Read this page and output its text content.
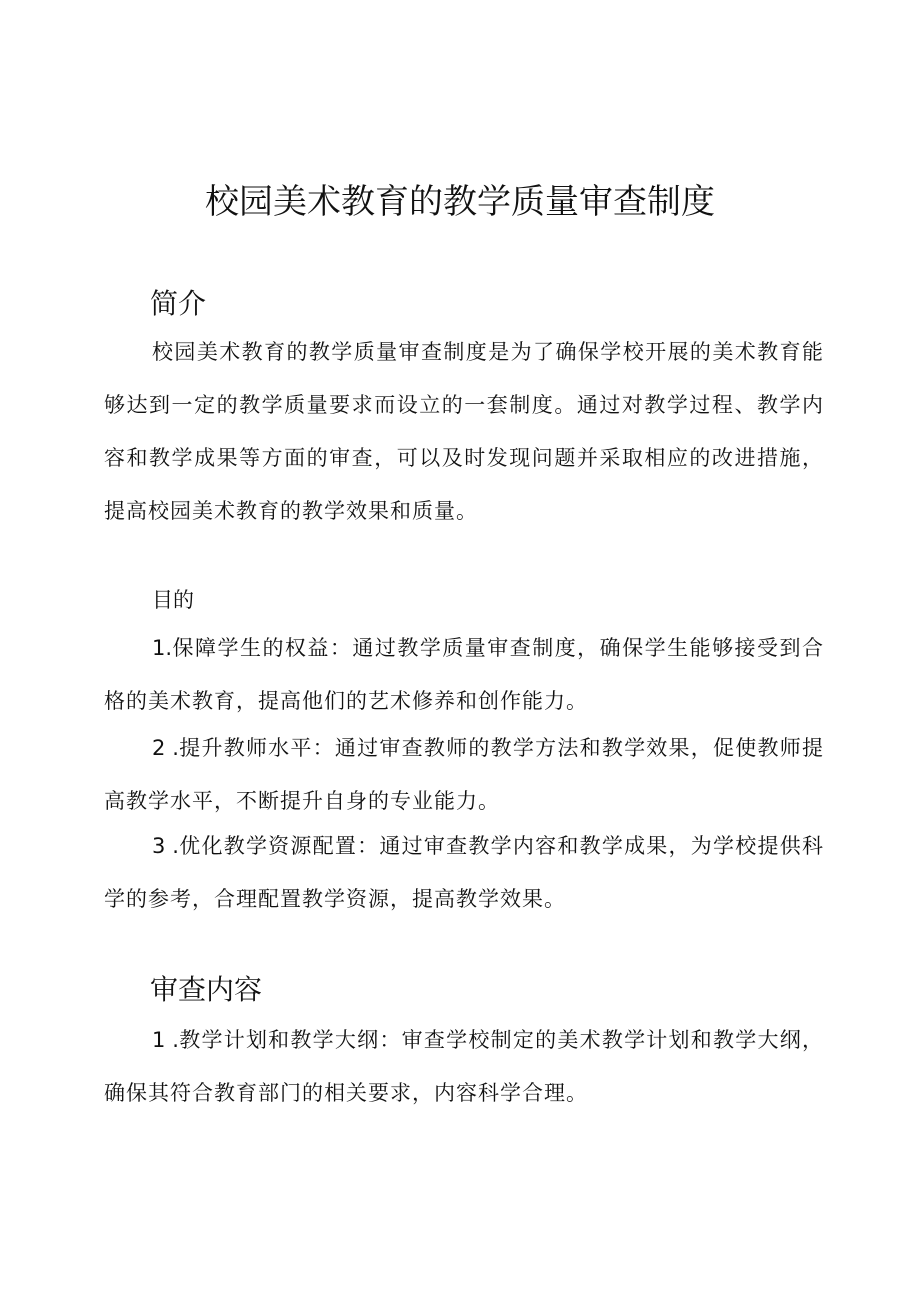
校园美术教育的教学质量审查制度
简介

校园美术教育的教学质量审查制度是为了确保学校开展的美术教育能够达到一定的教学质量要求而设立的一套制度。通过对教学过程、教学内容和教学成果等方面的审查，可以及时发现问题并采取相应的改进措施，提高校园美术教育的教学效果和质量。

目的

1.保障学生的权益：通过教学质量审查制度，确保学生能够接受到合格的美术教育，提高他们的艺术修养和创作能力。

2 .提升教师水平：通过审查教师的教学方法和教学效果，促使教师提高教学水平，不断提升自身的专业能力。

3 .优化教学资源配置：通过审查教学内容和教学成果，为学校提供科学的参考，合理配置教学资源，提高教学效果。

审查内容

1 .教学计划和教学大纲：审查学校制定的美术教学计划和教学大纲，确保其符合教育部门的相关要求，内容科学合理。
